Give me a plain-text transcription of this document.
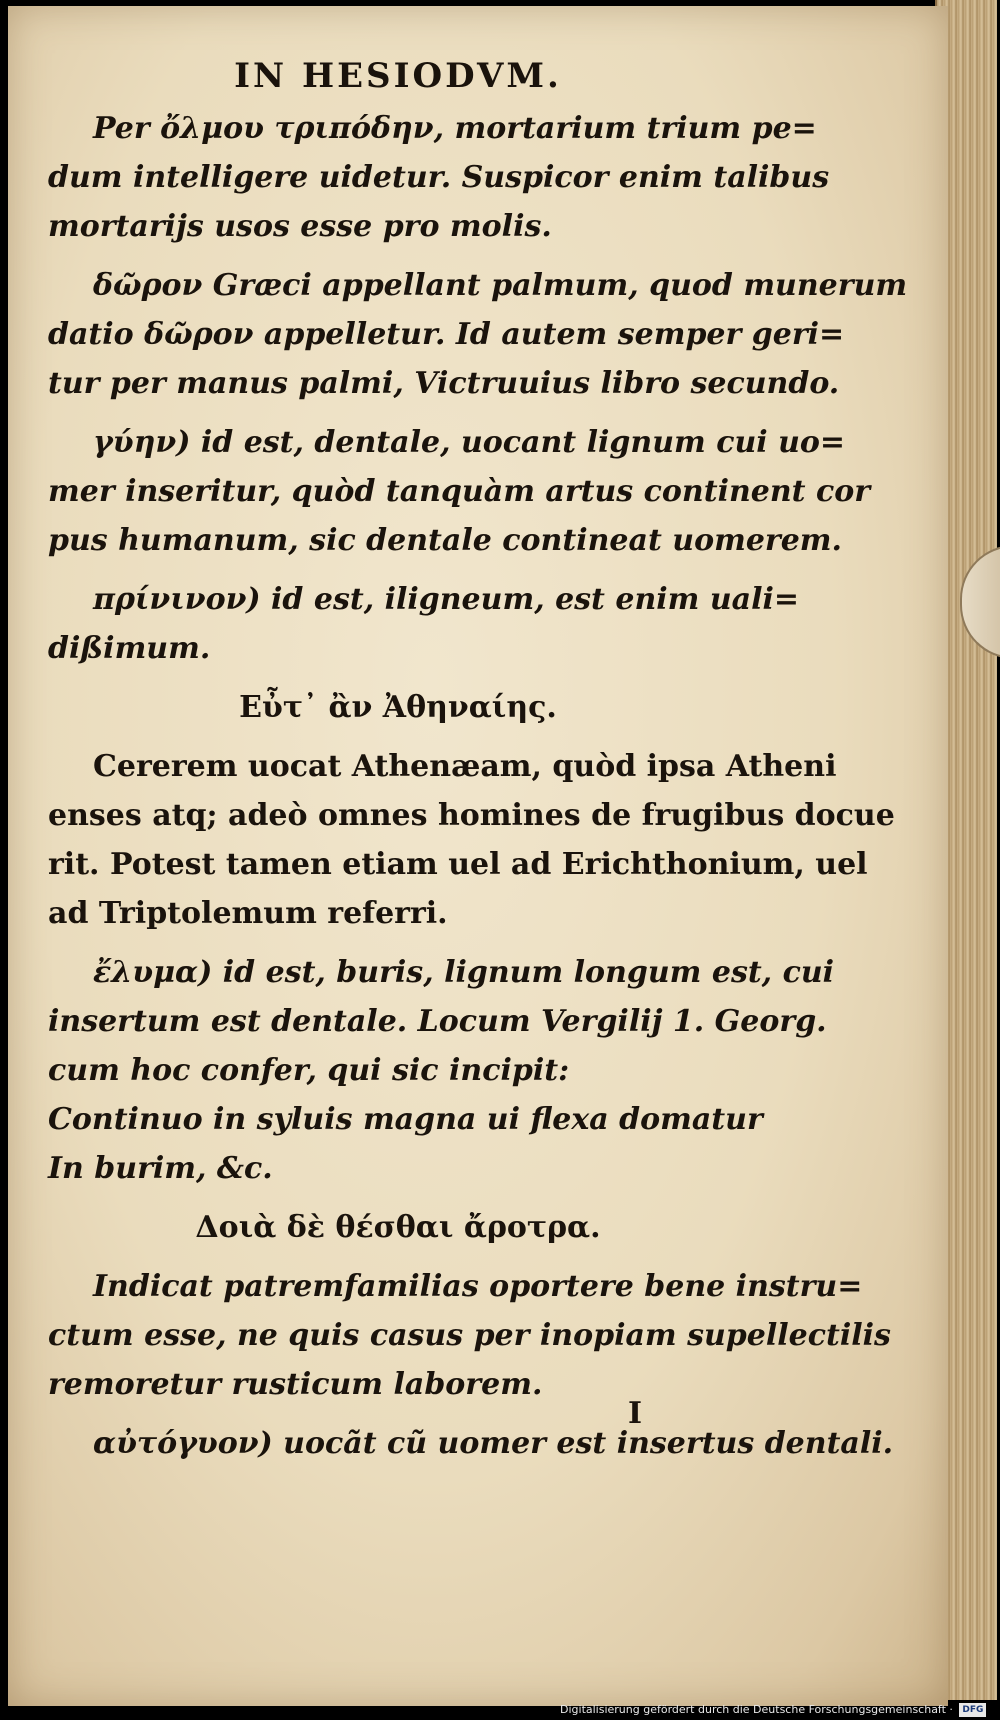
IN HESIODVM.
Per ὄλμου τριπόδην, mortarium trium pe=
dum intelligere uidetur. Suspicor enim talibus
mortarijs usos esse pro molis.
δῶρον Græci appellant palmum, quod munerum
datio δῶρον appelletur. Id autem semper geri=
tur per manus palmi, Victruuius libro secundo.
γύην) id est, dentale, uocant lignum cui uo=
mer inseritur, quòd tanquàm artus continent cor
pus humanum, sic dentale contineat uomerem.
πρίνινον) id est, iligneum, est enim uali=
dißimum.
Εὖτ᾽ ἂν Ἀθηναίης.
Cererem uocat Athenæam, quòd ipsa Atheni
enses atq; adeò omnes homines de frugibus docue
rit. Potest tamen etiam uel ad Erichthonium, uel
ad Triptolemum referri.
ἔλυμα) id est, buris, lignum longum est, cui
insertum est dentale. Locum Vergilij 1. Georg.
cum hoc confer, qui sic incipit:
Continuo in syluis magna ui flexa domatur
In burim, &c.
Δοιὰ δὲ θέσθαι ἄροτρα.
Indicat patremfamilias oportere bene instru=
ctum esse, ne quis casus per inopiam supellectilis
remoretur rusticum laborem.
αὐτόγυον) uocãt cũ uomer est insertus dentali.
I
Digitalisierung gefördert durch die Deutsche Forschungsgemeinschaft · DFG
